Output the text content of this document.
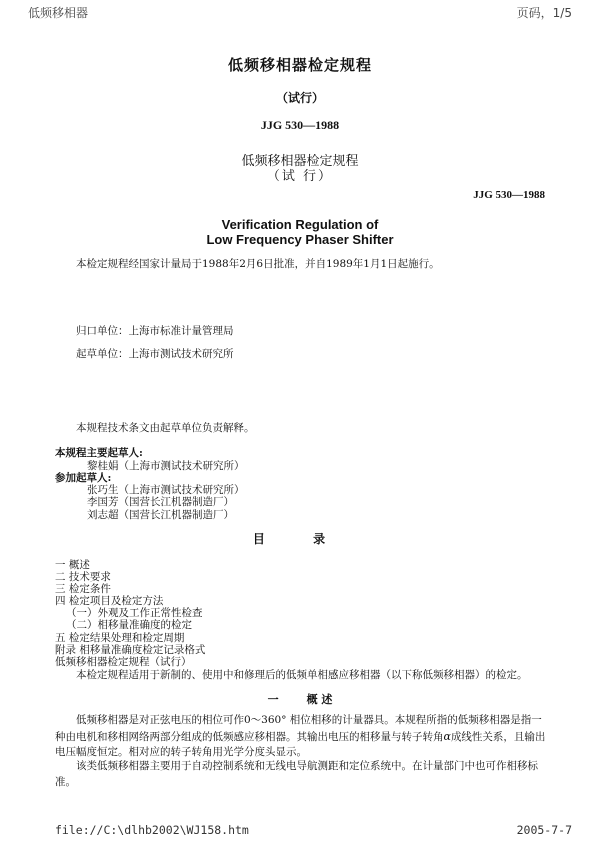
低频移相器	页码，1/5
低频移相器检定规程
（试行）
JJG 530—1988
低频移相器检定规程
（试 行）
JJG 530—1988
Verification Regulation of
Low Frequency Phaser Shifter
本检定规程经国家计量局于1988年2月6日批准，并自1989年1月1日起施行。
归口单位：上海市标准计量管理局
起草单位：上海市测试技术研究所
本规程技术条文由起草单位负责解释。
本规程主要起草人:
黎桂娟（上海市测试技术研究所）
参加起草人:
张巧生（上海市测试技术研究所）
李国芳（国营长江机器制造厂）
刘志超（国营长江机器制造厂）
目 录
一 概述
二 技术要求
三 检定条件
四 检定项目及检定方法
（一）外观及工作正常性检查
（二）相移量准确度的检定
五 检定结果处理和检定周期
附录 相移量准确度检定记录格式
低频移相器检定规程（试行）
本检定规程适用于新制的、使用中和修理后的低频单相感应移相器（以下称低频移相器）的检定。
一	概 述
低频移相器是对正弦电压的相位可作0～360° 相位相移的计量器具。本规程所指的低频移相器是指一种由电机和移相网络两部分组成的低频感应移相器。其输出电压的相移量与转子转角α成线性关系，且输出电压幅度恒定。相对应的转子转角用光学分度头显示。
该类低频移相器主要用于自动控制系统和无线电导航测距和定位系统中。在计量部门中也可作相移标准。
file://C:\dlhb2002\WJ158.htm	2005-7-7
